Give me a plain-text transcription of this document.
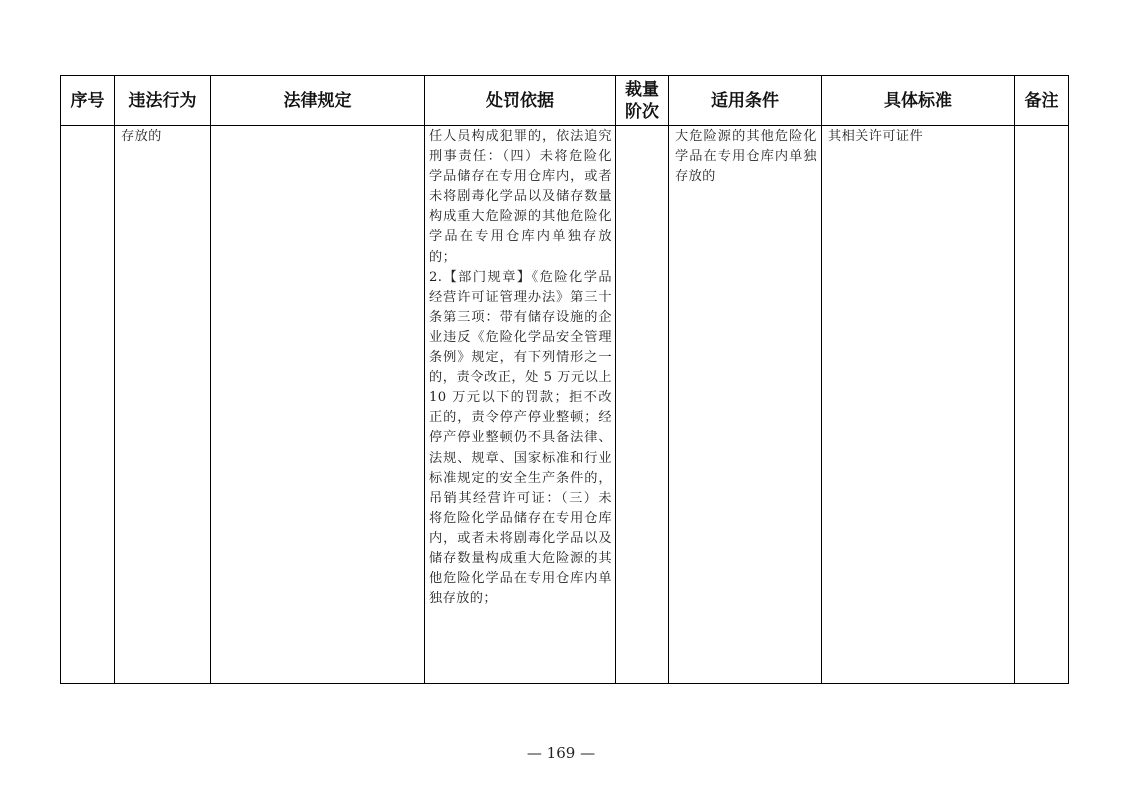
序号	违法行为	法律规定	处罚依据	裁量阶次	适用条件	具体标准	备注

	存放的		任人员构成犯罪的，依法追究刑事责任：（四）未将危险化学品储存在专用仓库内，或者未将剧毒化学品以及储存数量构成重大危险源的其他危险化学品在专用仓库内单独存放的；
2.【部门规章】《危险化学品经营许可证管理办法》第三十条第三项：带有储存设施的企业违反《危险化学品安全管理条例》规定，有下列情形之一的，责令改正，处 5 万元以上 10 万元以下的罚款；拒不改正的，责令停产停业整顿；经停产停业整顿仍不具备法律、法规、规章、国家标准和行业标准规定的安全生产条件的，吊销其经营许可证：（三）未将危险化学品储存在专用仓库内，或者未将剧毒化学品以及储存数量构成重大危险源的其他危险化学品在专用仓库内单独存放的；		大危险源的其他危险化学品在专用仓库内单独存放的	其相关许可证件	

— 169 —
